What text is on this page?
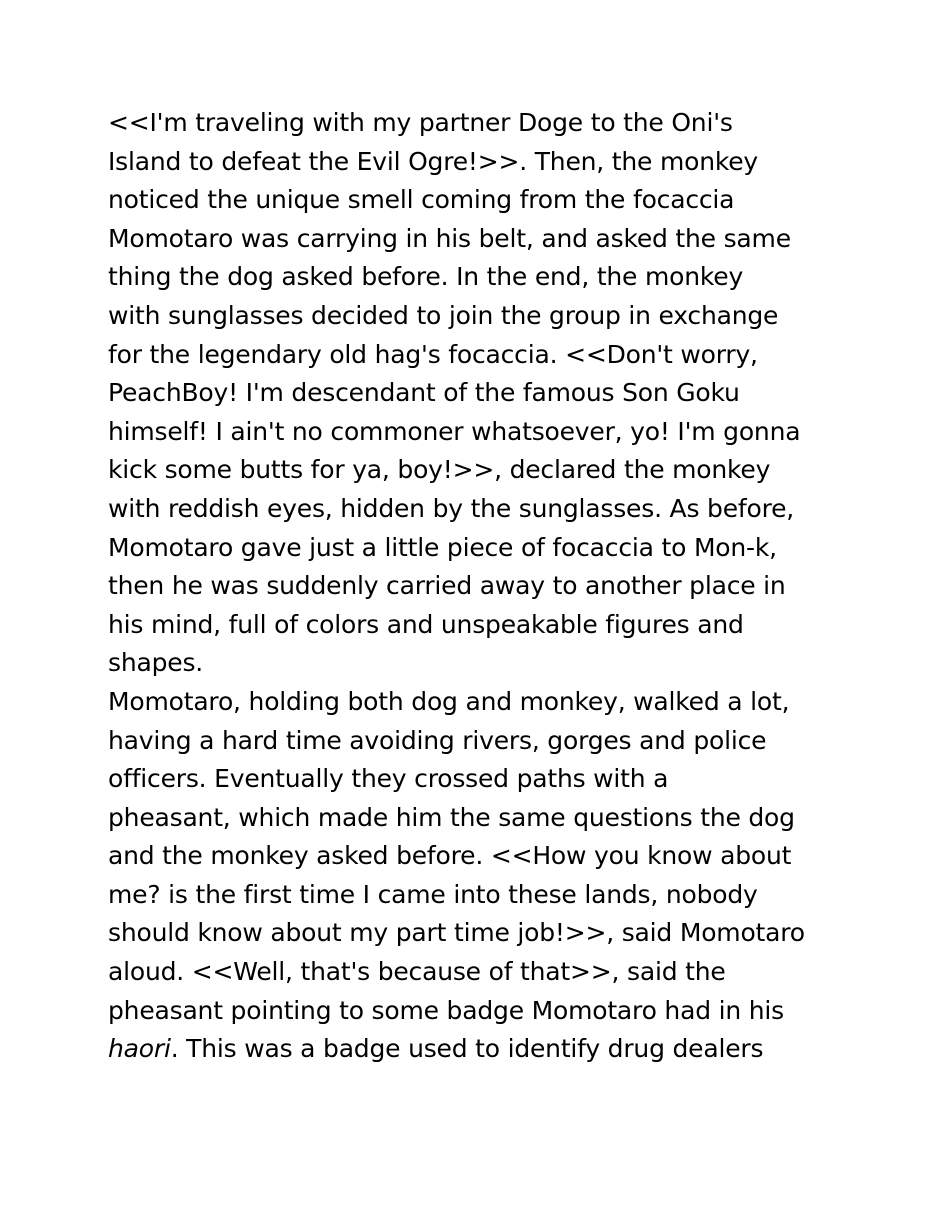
<<I'm traveling with my partner Doge to the Oni's
Island to defeat the Evil Ogre!>>. Then, the monkey
noticed the unique smell coming from the focaccia
Momotaro was carrying in his belt, and asked the same
thing the dog asked before. In the end, the monkey
with sunglasses decided to join the group in exchange
for the legendary old hag's focaccia. <<Don't worry,
PeachBoy! I'm descendant of the famous Son Goku
himself! I ain't no commoner whatsoever, yo! I'm gonna
kick some butts for ya, boy!>>, declared the monkey
with reddish eyes, hidden by the sunglasses. As before,
Momotaro gave just a little piece of focaccia to Mon-k,
then he was suddenly carried away to another place in
his mind, full of colors and unspeakable figures and
shapes.
Momotaro, holding both dog and monkey, walked a lot,
having a hard time avoiding rivers, gorges and police
officers. Eventually they crossed paths with a
pheasant, which made him the same questions the dog
and the monkey asked before. <<How you know about
me? is the first time I came into these lands, nobody
should know about my part time job!>>, said Momotaro
aloud. <<Well, that's because of that>>, said the
pheasant pointing to some badge Momotaro had in his
haori. This was a badge used to identify drug dealers
